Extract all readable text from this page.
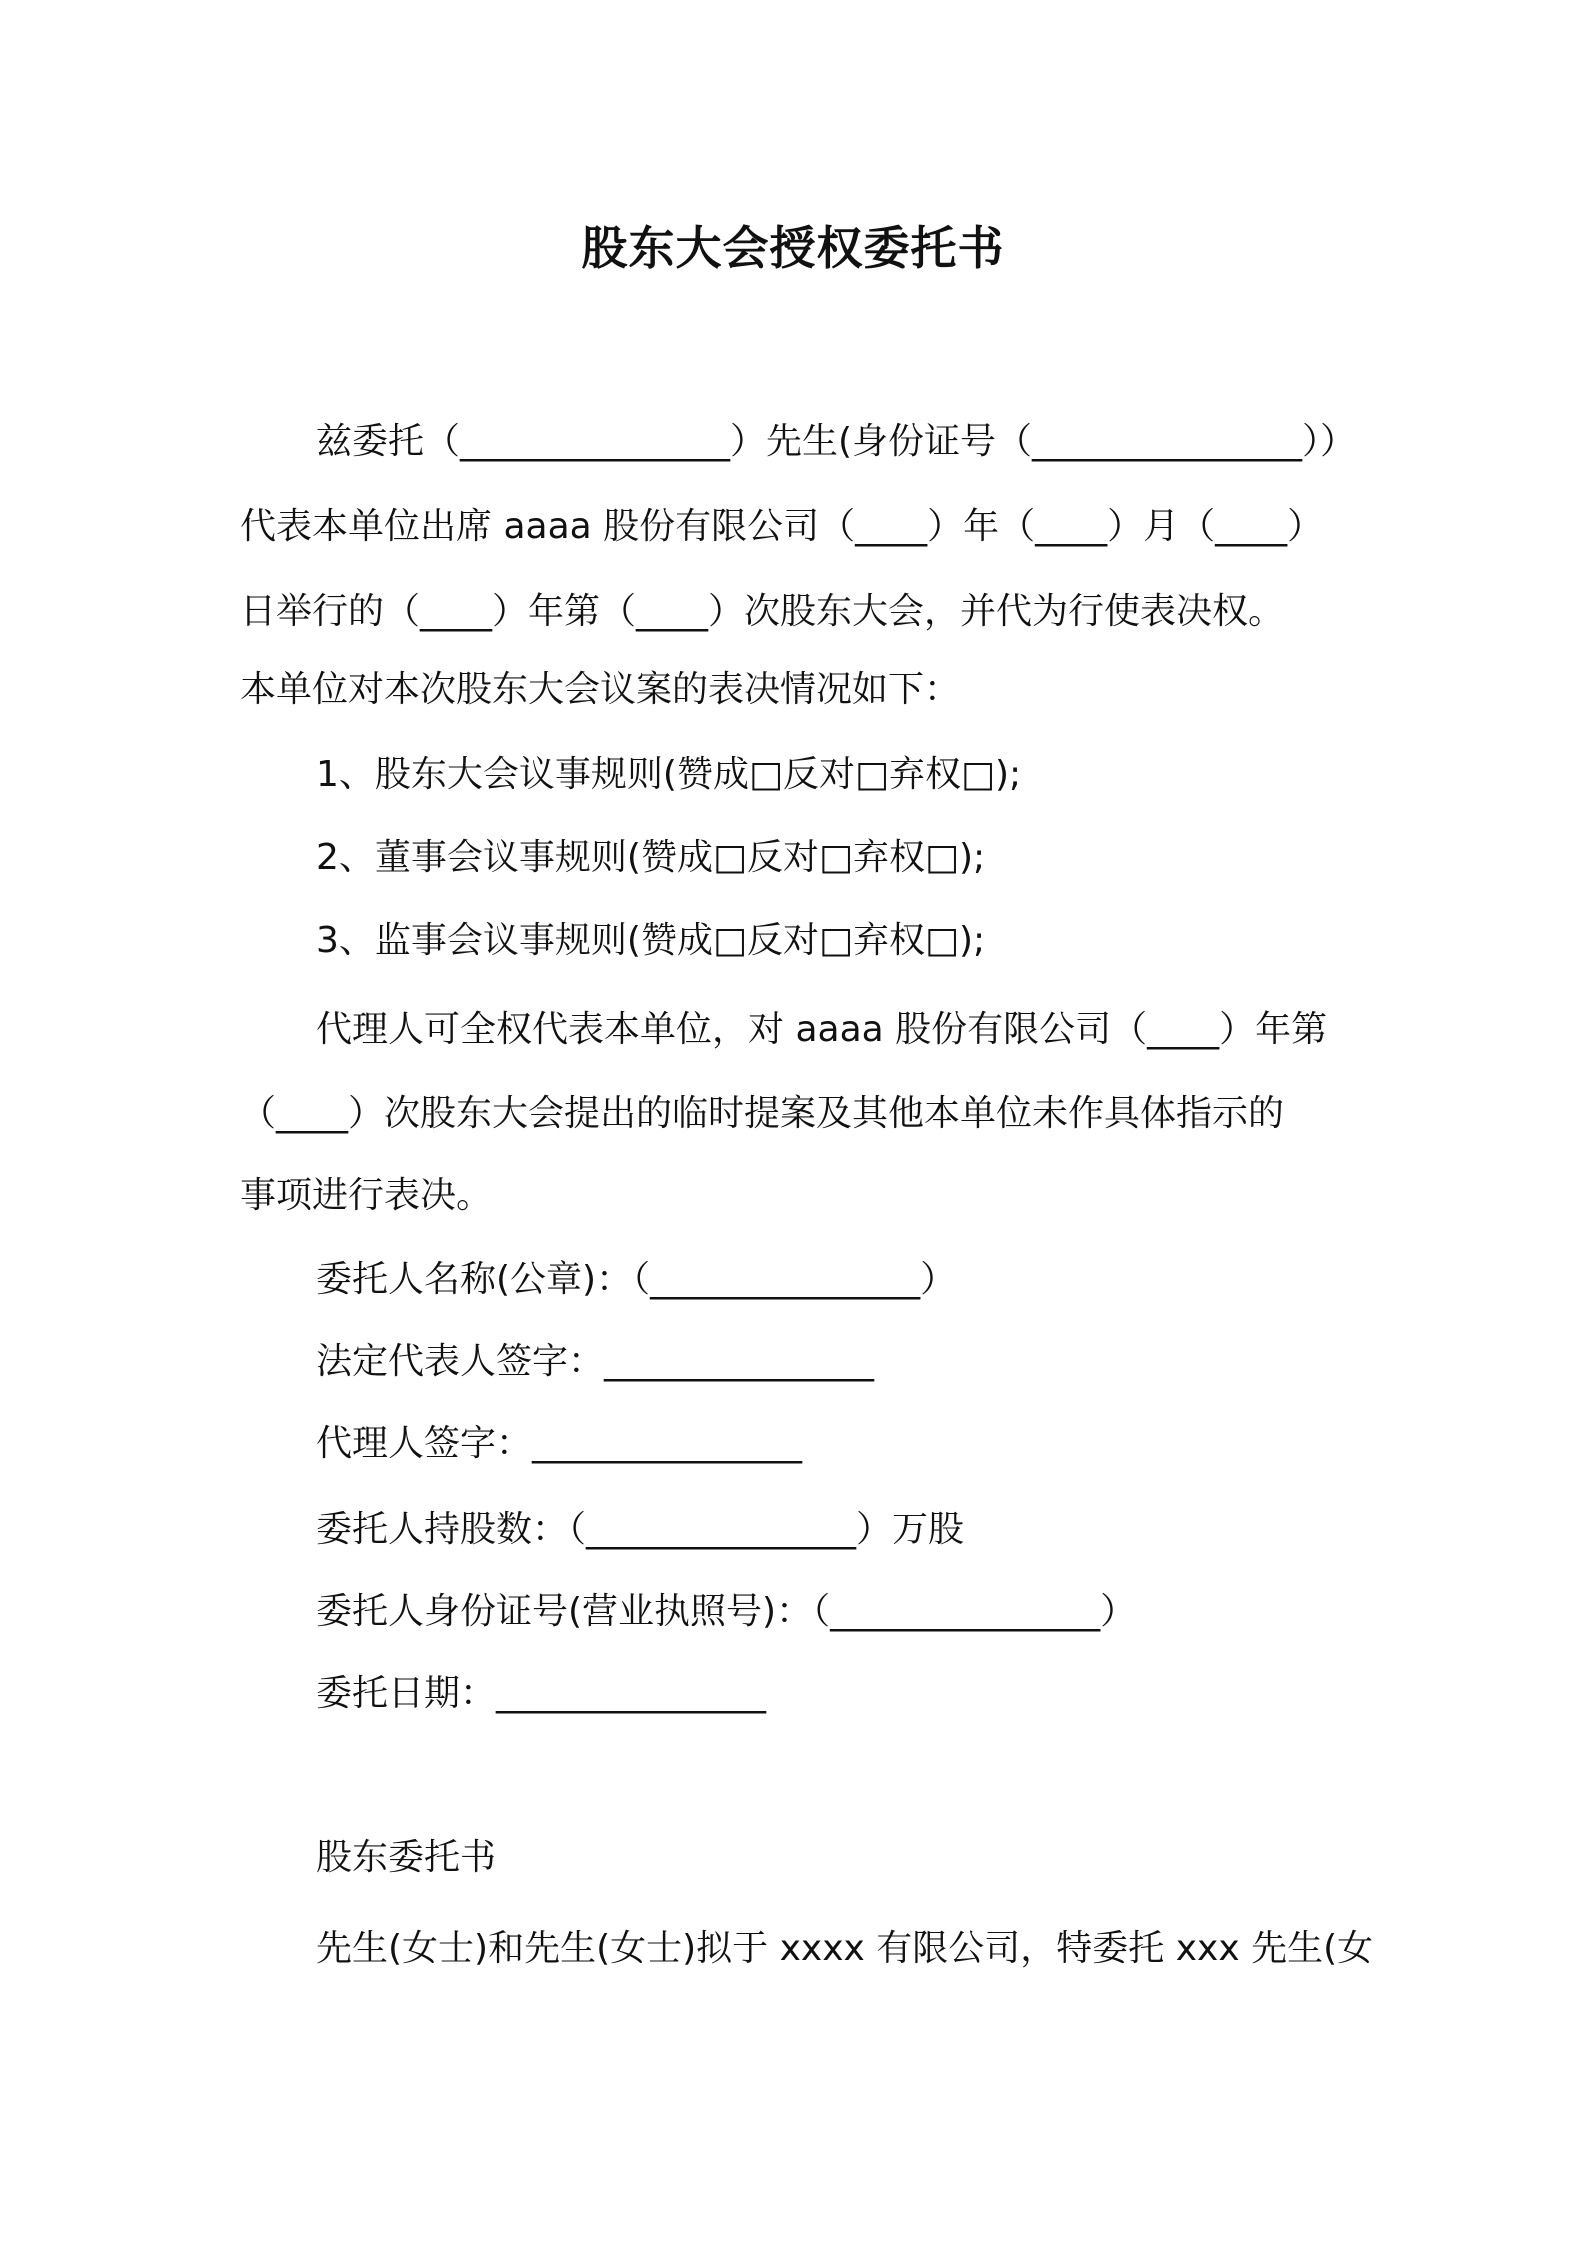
股东大会授权委托书

兹委托（_______________）先生(身份证号（_______________））

代表本单位出席 aaaa 股份有限公司（____）年（____）月（____）

日举行的（____）年第（____）次股东大会，并代为行使表决权。

本单位对本次股东大会议案的表决情况如下：

1、股东大会议事规则(赞成□反对□弃权□);

2、董事会议事规则(赞成□反对□弃权□);

3、监事会议事规则(赞成□反对□弃权□);

代理人可全权代表本单位，对 aaaa 股份有限公司（____）年第

（____）次股东大会提出的临时提案及其他本单位未作具体指示的

事项进行表决。

委托人名称(公章)：（_______________）

法定代表人签字：_______________

代理人签字：_______________

委托人持股数：（_______________）万股

委托人身份证号(营业执照号)：（_______________）

委托日期：_______________

股东委托书

先生(女士)和先生(女士)拟于 xxxx 有限公司，特委托 xxx 先生(女
